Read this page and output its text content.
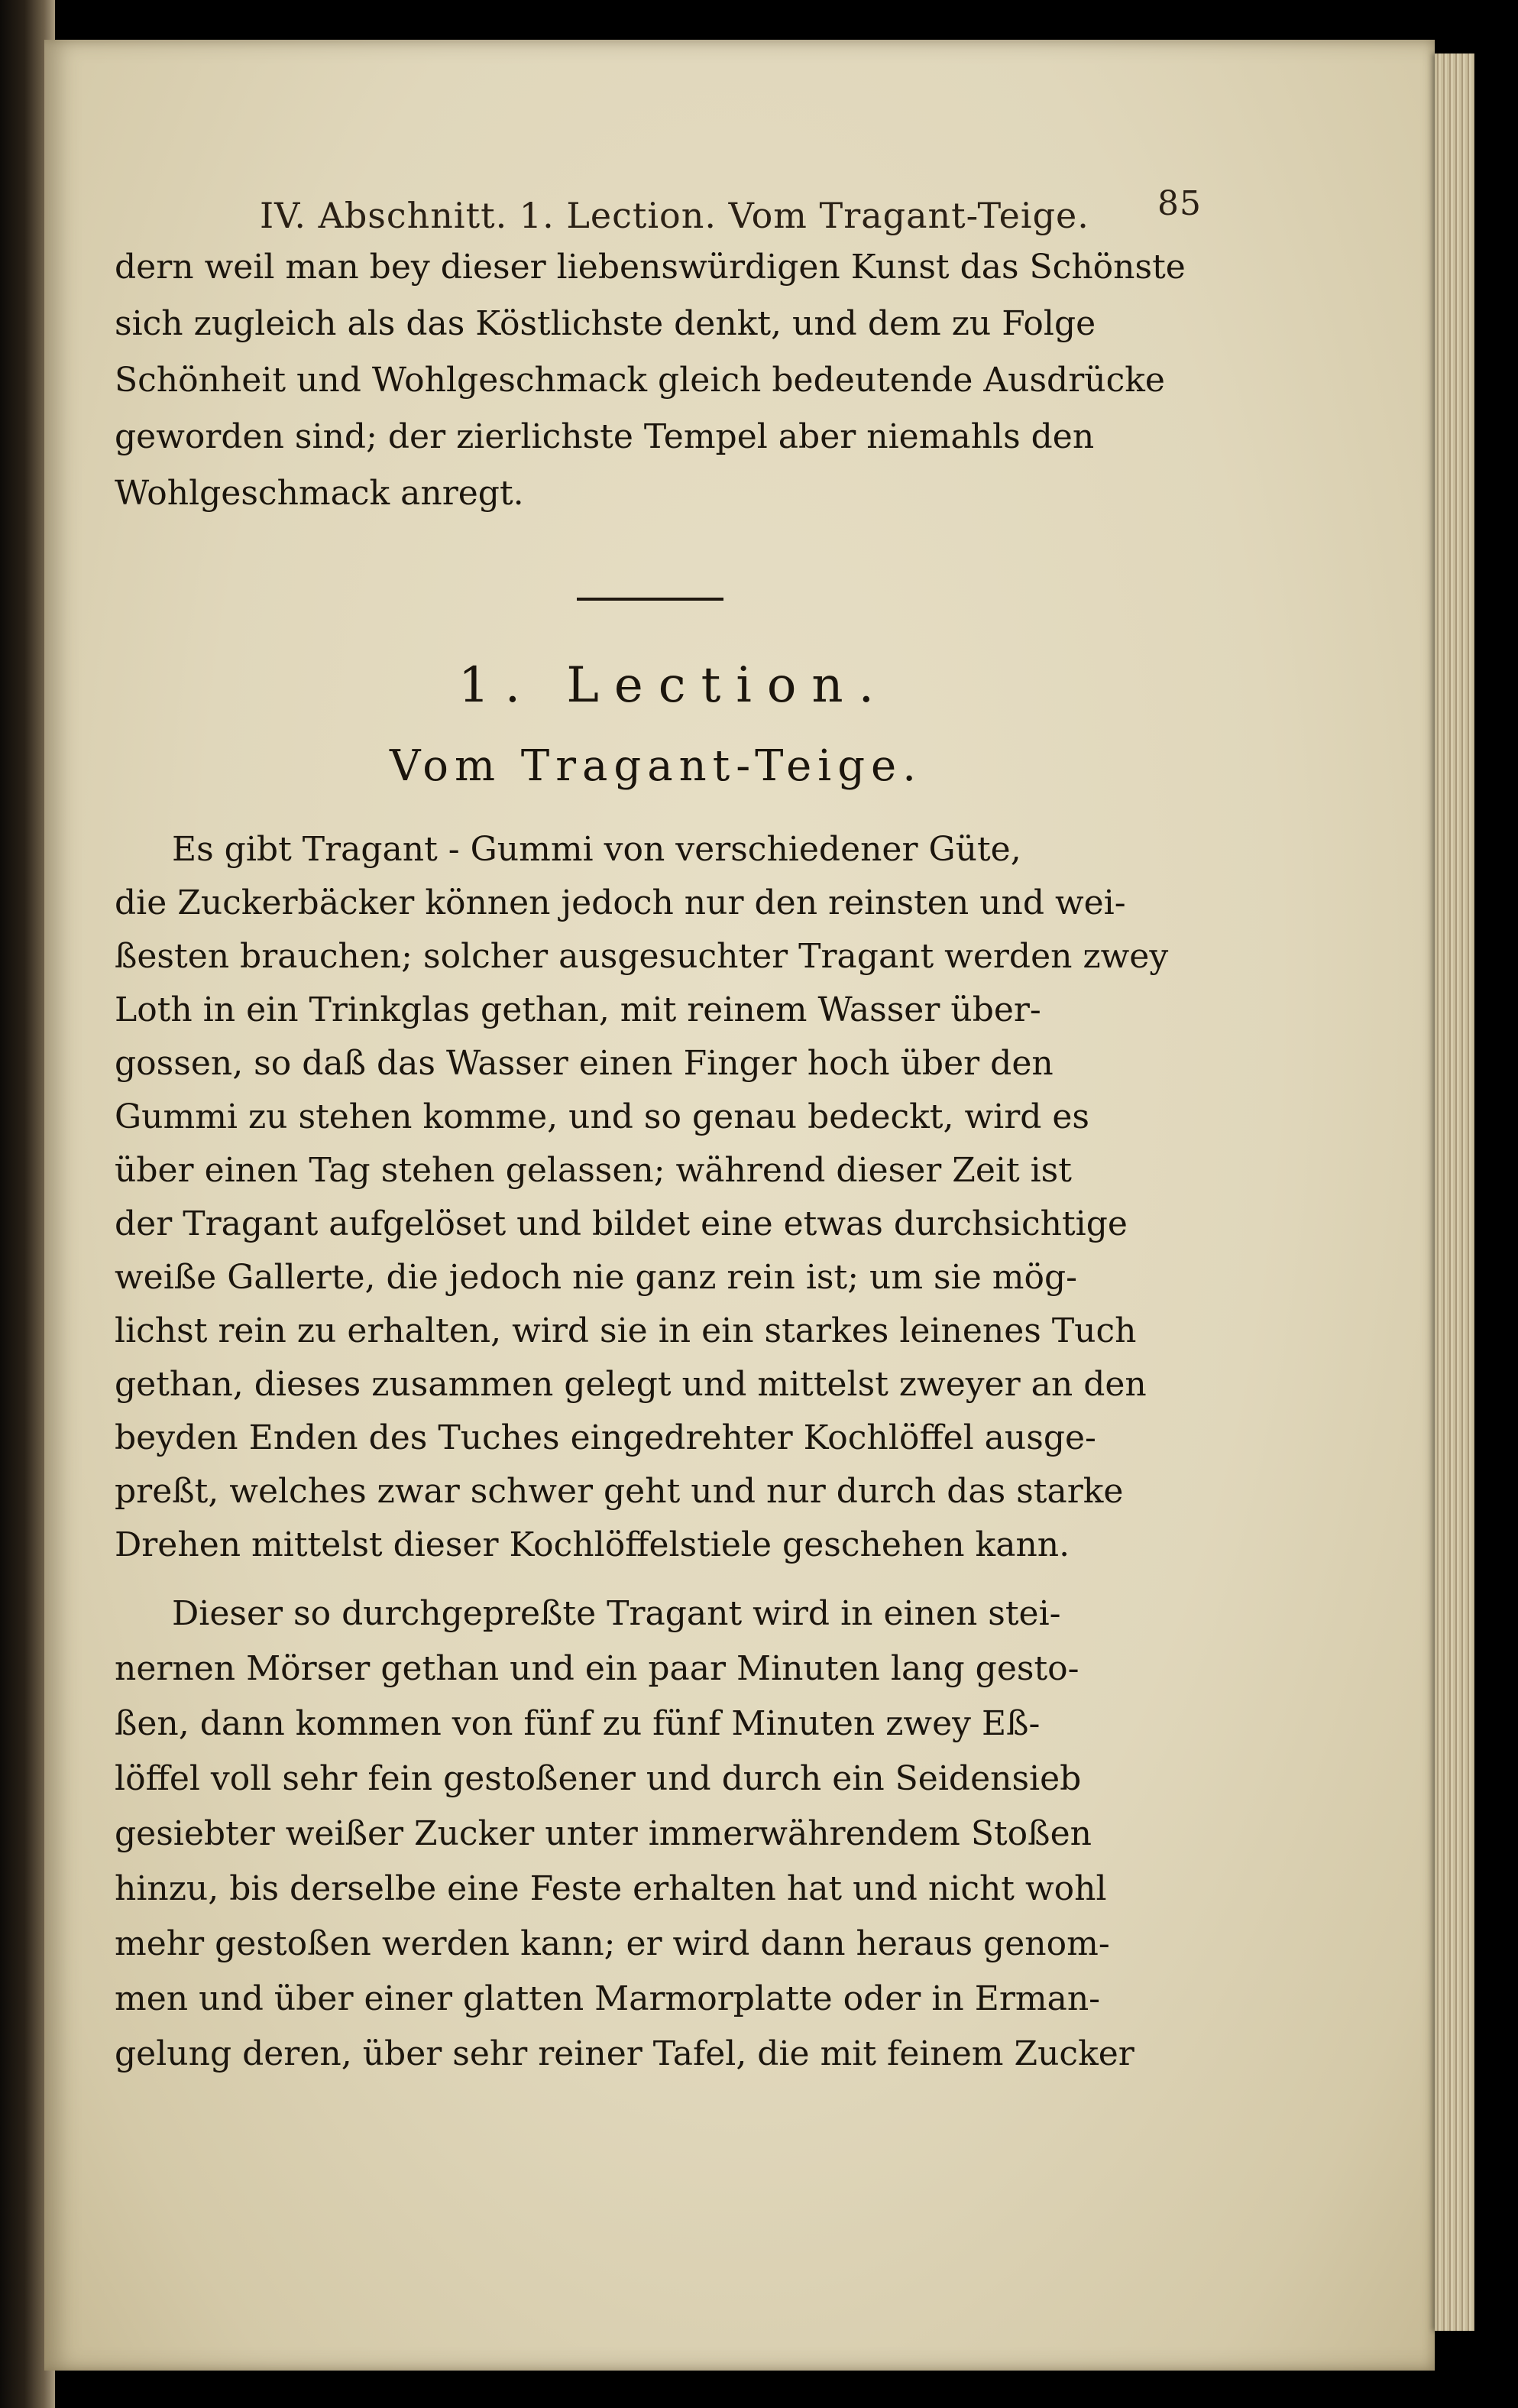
IV. Abschnitt. 1. Lection. Vom Tragant-Teige. 85
dern weil man bey dieser liebenswürdigen Kunst das Schönste
sich zugleich als das Köstlichste denkt, und dem zu Folge
Schönheit und Wohlgeschmack gleich bedeutende Ausdrücke
geworden sind; der zierlichste Tempel aber niemahls den
Wohlgeschmack anregt.
1. Lection.
Vom Tragant-Teige.
Es gibt Tragant - Gummi von verschiedener Güte,
die Zuckerbäcker können jedoch nur den reinsten und wei-
ßesten brauchen; solcher ausgesuchter Tragant werden zwey
Loth in ein Trinkglas gethan, mit reinem Wasser über-
gossen, so daß das Wasser einen Finger hoch über den
Gummi zu stehen komme, und so genau bedeckt, wird es
über einen Tag stehen gelassen; während dieser Zeit ist
der Tragant aufgelöset und bildet eine etwas durchsichtige
weiße Gallerte, die jedoch nie ganz rein ist; um sie mög-
lichst rein zu erhalten, wird sie in ein starkes leinenes Tuch
gethan, dieses zusammen gelegt und mittelst zweyer an den
beyden Enden des Tuches eingedrehter Kochlöffel ausge-
preßt, welches zwar schwer geht und nur durch das starke
Drehen mittelst dieser Kochlöffelstiele geschehen kann.
Dieser so durchgepreßte Tragant wird in einen stei-
nernen Mörser gethan und ein paar Minuten lang gesto-
ßen, dann kommen von fünf zu fünf Minuten zwey Eß-
löffel voll sehr fein gestoßener und durch ein Seidensieb
gesiebter weißer Zucker unter immerwährendem Stoßen
hinzu, bis derselbe eine Feste erhalten hat und nicht wohl
mehr gestoßen werden kann; er wird dann heraus genom-
men und über einer glatten Marmorplatte oder in Erman-
gelung deren, über sehr reiner Tafel, die mit feinem Zucker
